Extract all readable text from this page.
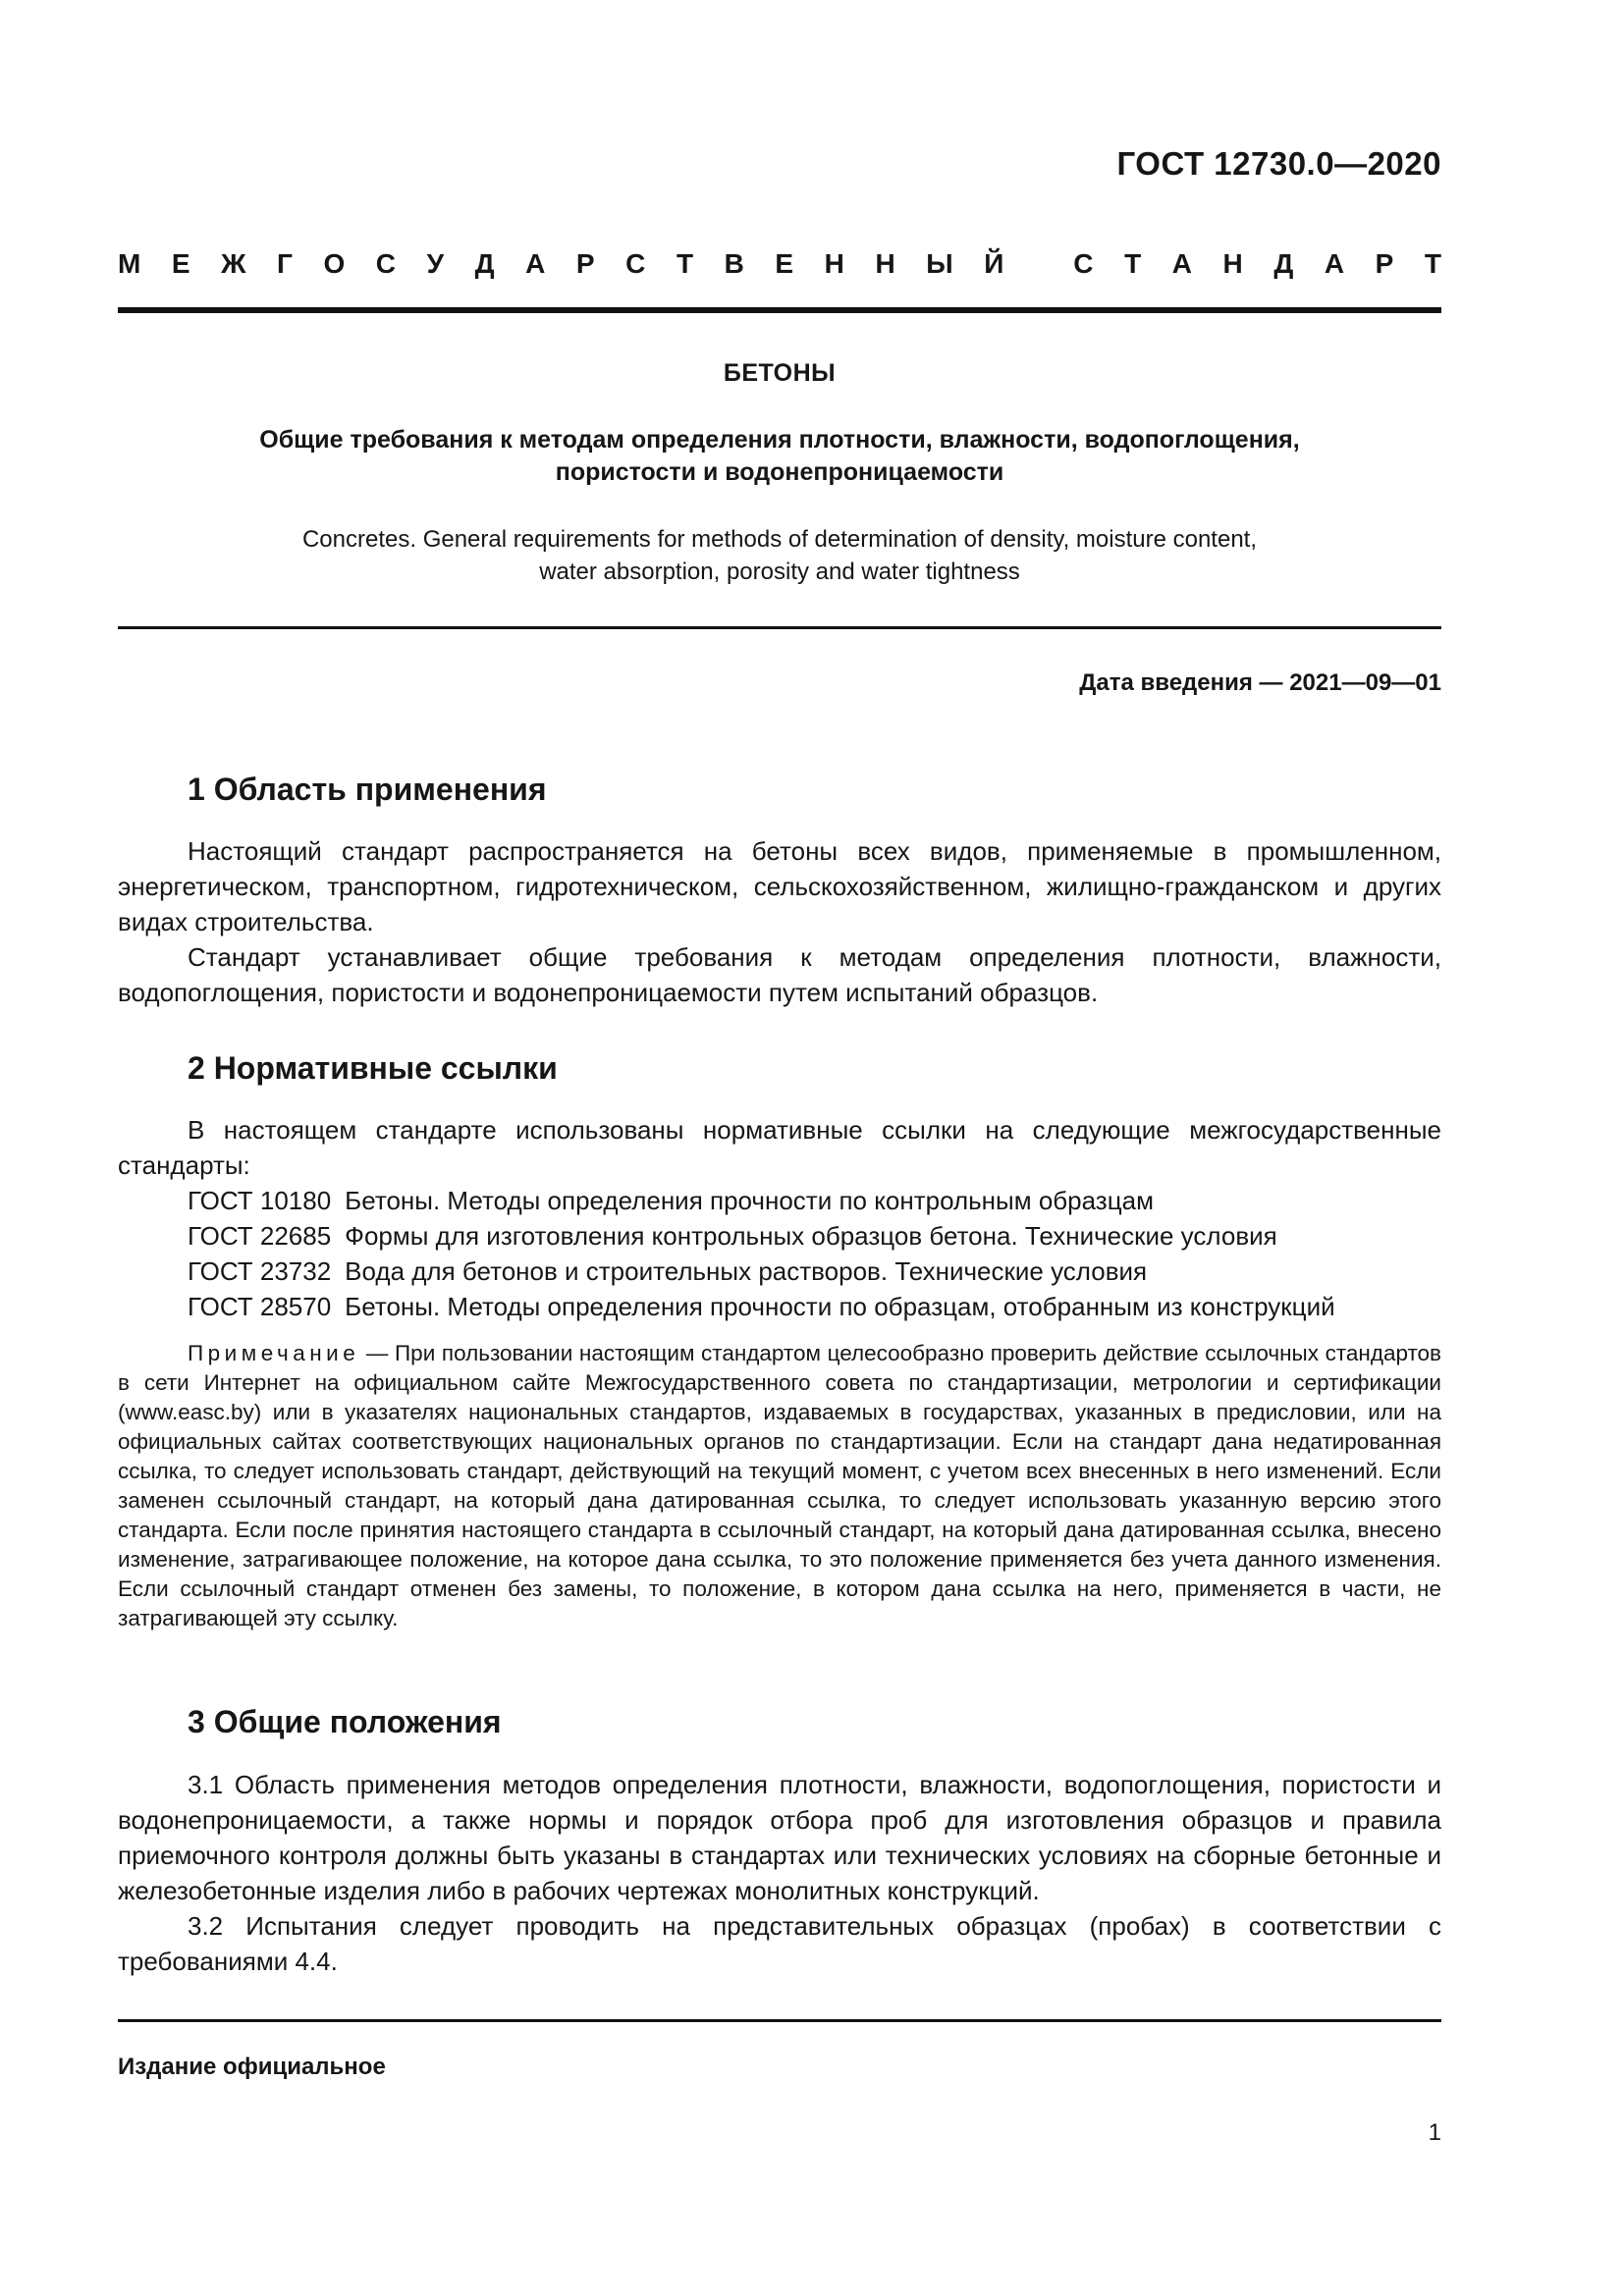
ГОСТ 12730.0—2020
М Е Ж Г О С У Д А Р С Т В Е Н Н Ы Й
	С Т А Н Д А Р Т
БЕТОНЫ
Общие требования к методам определения плотности, влажности, водопоглощения,
пористости и водонепроницаемости
Concretes. General requirements for methods of determination of density, moisture content,
water absorption, porosity and water tightness
Дата введения — 2021—09—01
1 Область применения

Настоящий стандарт распространяется на бетоны всех видов, применяемые в промышленном, энергетическом, транспортном, гидротехническом, сельскохозяйственном, жилищно-гражданском и других видах строительства.

Стандарт устанавливает общие требования к методам определения плотности, влажности, водопоглощения, пористости и водонепроницаемости путем испытаний образцов.

2 Нормативные ссылки

В настоящем стандарте использованы нормативные ссылки на следующие межгосударственные стандарты:

ГОСТ 10180 Бетоны. Методы определения прочности по контрольным образцам
ГОСТ 22685 Формы для изготовления контрольных образцов бетона. Технические условия
ГОСТ 23732 Вода для бетонов и строительных растворов. Технические условия
ГОСТ 28570 Бетоны. Методы определения прочности по образцам, отобранным из конструкций
Примечание — При пользовании настоящим стандартом целесообразно проверить действие ссылочных стандартов в сети Интернет на официальном сайте Межгосударственного совета по стандартизации, метрологии и сертификации (www.easc.by) или в указателях национальных стандартов, издаваемых в государствах, указанных в предисловии, или на официальных сайтах соответствующих национальных органов по стандартизации. Если на стандарт дана недатированная ссылка, то следует использовать стандарт, действующий на текущий момент, с учетом всех внесенных в него изменений. Если заменен ссылочный стандарт, на который дана датированная ссылка, то следует использовать указанную версию этого стандарта. Если после принятия настоящего стандарта в ссылочный стандарт, на который дана датированная ссылка, внесено изменение, затрагивающее положение, на которое дана ссылка, то это положение применяется без учета данного изменения. Если ссылочный стандарт отменен без замены, то положение, в котором дана ссылка на него, применяется в части, не затрагивающей эту ссылку.
3 Общие положения

3.1 Область применения методов определения плотности, влажности, водопоглощения, пористости и водонепроницаемости, а также нормы и порядок отбора проб для изготовления образцов и правила приемочного контроля должны быть указаны в стандартах или технических условиях на сборные бетонные и железобетонные изделия либо в рабочих чертежах монолитных конструкций.

3.2 Испытания следует проводить на представительных образцах (пробах) в соответствии с требованиями 4.4.

Издание официальное
1
